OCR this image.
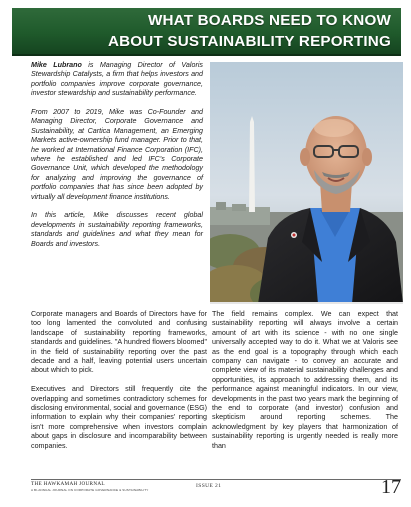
WHAT BOARDS NEED TO KNOW
ABOUT SUSTAINABILITY REPORTING

Mike Lubrano is Managing Director of Valoris Stewardship Catalysts, a firm that helps investors and portfolio companies improve corporate governance, investor stewardship and sustainability performance.

From 2007 to 2019, Mike was Co-Founder and Managing Director, Corporate Governance and Sustainability, at Cartica Management, an Emerging Markets active-ownership fund manager. Prior to that, he worked at International Finance Corporation (IFC), where he established and led IFC's Corporate Governance Unit, which developed the methodology for analyzing and improving the governance of portfolio companies that has since been adopted by virtually all development finance institutions.

In this article, Mike discusses recent global developments in sustainability reporting frameworks, standards and guidelines and what they mean for Boards and investors.

Corporate managers and Boards of Directors have for too long lamented the convoluted and confusing landscape of sustainability reporting frameworks, standards and guidelines. "A hundred flowers bloomed" in the field of sustainability reporting over the past decade and a half, leaving potential users uncertain about which to pick.

Executives and Directors still frequently cite the overlapping and sometimes contradictory schemes for disclosing environmental, social and governance (ESG) information to explain why their companies' reporting isn't more comprehensive when investors complain about gaps in disclosure and incomparability between companies.

The field remains complex. We can expect that sustainability reporting will always involve a certain amount of art with its science - with no one single universally accepted way to do it. What we at Valoris see as the end goal is a topography through which each company can navigate - to convey an accurate and complete view of its material sustainability challenges and opportunities, its approach to addressing them, and its performance against meaningful indicators. In our view, developments in the past two years mark the beginning of the end to corporate (and investor) confusion and skepticism around reporting schemes. The acknowledgment by key players that harmonization of sustainability reporting is urgently needed is really more than

THE HAWKAMAH JOURNAL
A BI-ANNUAL JOURNAL ON CORPORATE GOVERNANCE & SUSTAINABILITY
ISSUE 21	17
